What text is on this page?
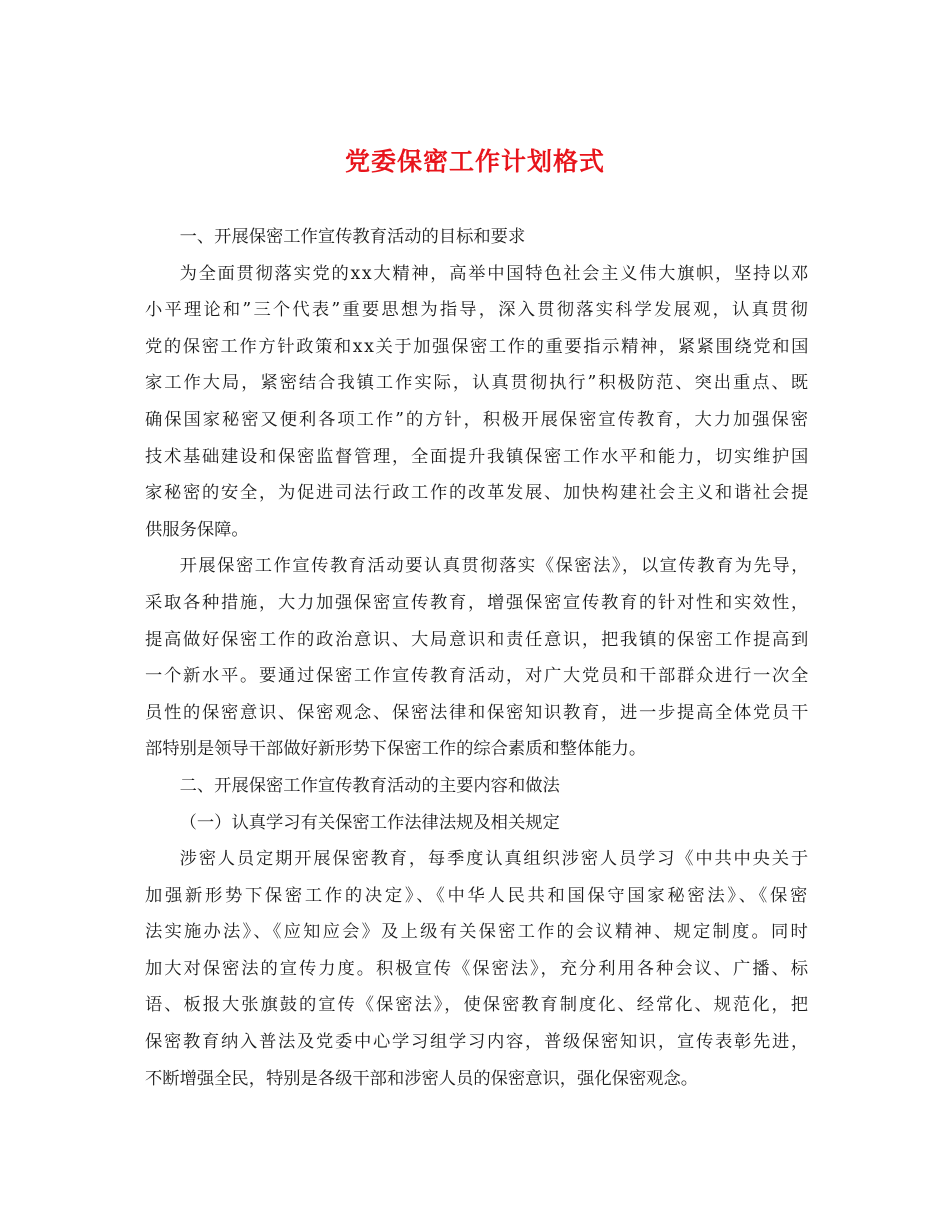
党委保密工作计划格式
一、开展保密工作宣传教育活动的目标和要求
为全面贯彻落实党的xx大精神，高举中国特色社会主义伟大旗帜，坚持以邓
小平理论和”三个代表”重要思想为指导，深入贯彻落实科学发展观，认真贯彻
党的保密工作方针政策和xx关于加强保密工作的重要指示精神，紧紧围绕党和国
家工作大局，紧密结合我镇工作实际，认真贯彻执行”积极防范、突出重点、既
确保国家秘密又便利各项工作”的方针，积极开展保密宣传教育，大力加强保密
技术基础建设和保密监督管理，全面提升我镇保密工作水平和能力，切实维护国
家秘密的安全，为促进司法行政工作的改革发展、加快构建社会主义和谐社会提
供服务保障。
开展保密工作宣传教育活动要认真贯彻落实《保密法》，以宣传教育为先导，
采取各种措施，大力加强保密宣传教育，增强保密宣传教育的针对性和实效性，
提高做好保密工作的政治意识、大局意识和责任意识，把我镇的保密工作提高到
一个新水平。要通过保密工作宣传教育活动，对广大党员和干部群众进行一次全
员性的保密意识、保密观念、保密法律和保密知识教育，进一步提高全体党员干
部特别是领导干部做好新形势下保密工作的综合素质和整体能力。
二、开展保密工作宣传教育活动的主要内容和做法
（一）认真学习有关保密工作法律法规及相关规定
涉密人员定期开展保密教育，每季度认真组织涉密人员学习《中共中央关于
加强新形势下保密工作的决定》、《中华人民共和国保守国家秘密法》、《保密
法实施办法》、《应知应会》及上级有关保密工作的会议精神、规定制度。同时
加大对保密法的宣传力度。积极宣传《保密法》，充分利用各种会议、广播、标
语、板报大张旗鼓的宣传《保密法》，使保密教育制度化、经常化、规范化，把
保密教育纳入普法及党委中心学习组学习内容，普级保密知识，宣传表彰先进，
不断增强全民，特别是各级干部和涉密人员的保密意识，强化保密观念。
